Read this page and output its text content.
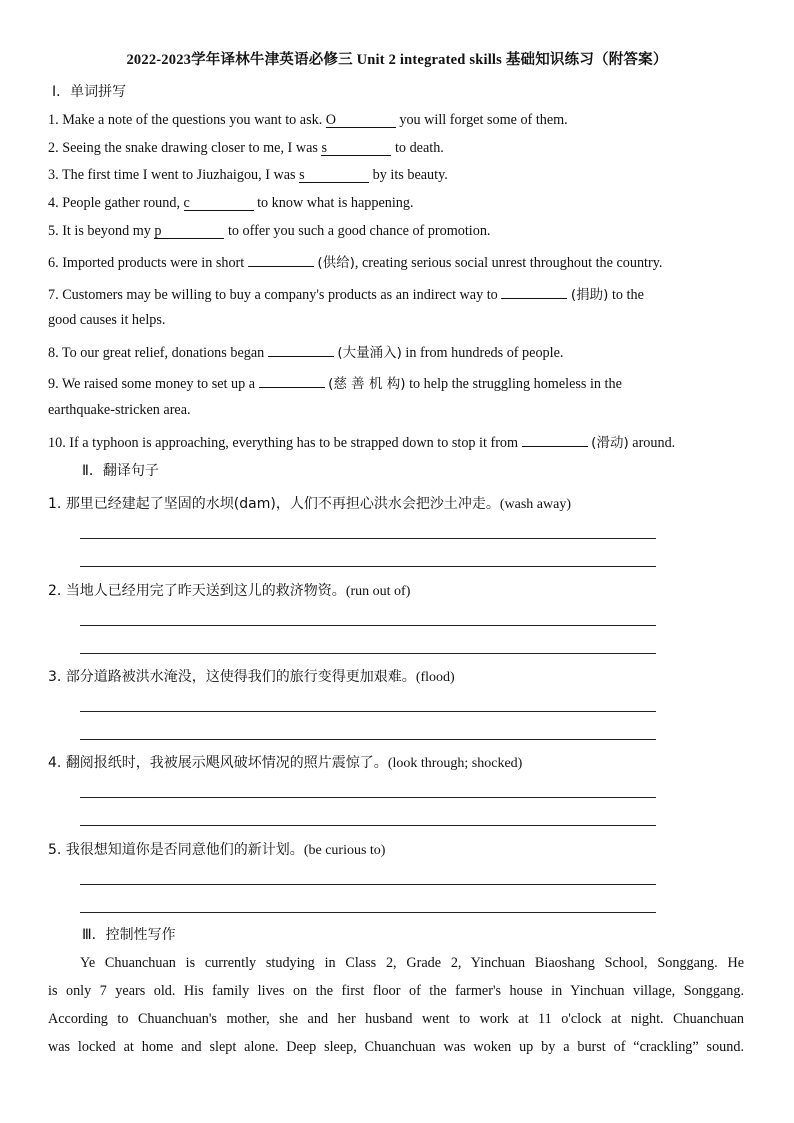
2022-2023学年译林牛津英语必修三 Unit 2 integrated skills 基础知识练习（附答案）
Ⅰ．单词拼写
1. Make a note of the questions you want to ask. O	you will forget some of them.
2. Seeing the snake drawing closer to me, I was s	to death.
3. The first time I went to Jiuzhaigou, I was s	by its beauty.
4. People gather round, c	to know what is happening.
5. It is beyond my p	to offer you such a good chance of promotion.
6. Imported products were in short	(供给), creating serious social unrest throughout the country.
7. Customers may be willing to buy a company's products as an indirect way to	(捐助) to the
good causes it helps.
8. To our great relief, donations began	(大量涌入) in from hundreds of people.
9. We raised some money to set up a	(慈 善 机 构) to help the struggling homeless in the
earthquake-stricken area.
10. If a typhoon is approaching, everything has to be strapped down to stop it from	(滑动) around.
Ⅱ．翻译句子
1. 那里已经建起了坚固的水坝(dam)，人们不再担心洪水会把沙土冲走。(wash away)
2. 当地人已经用完了昨天送到这儿的救济物资。(run out of)
3. 部分道路被洪水淹没，这使得我们的旅行变得更加艰难。(flood)
4. 翻阅报纸时，我被展示飓风破坏情况的照片震惊了。(look through; shocked)
5. 我很想知道你是否同意他们的新计划。(be curious to)
Ⅲ．控制性写作
Ye Chuanchuan is currently studying in Class 2, Grade 2, Yinchuan Biaoshang School, Songgang. He
is only 7 years old. His family lives on the first floor of the farmer's house in Yinchuan village, Songgang.
According to Chuanchuan's mother, she and her husband went to work at 11 o'clock at night. Chuanchuan
was locked at home and slept alone. Deep sleep, Chuanchuan was woken up by a burst of “crackling” sound.
